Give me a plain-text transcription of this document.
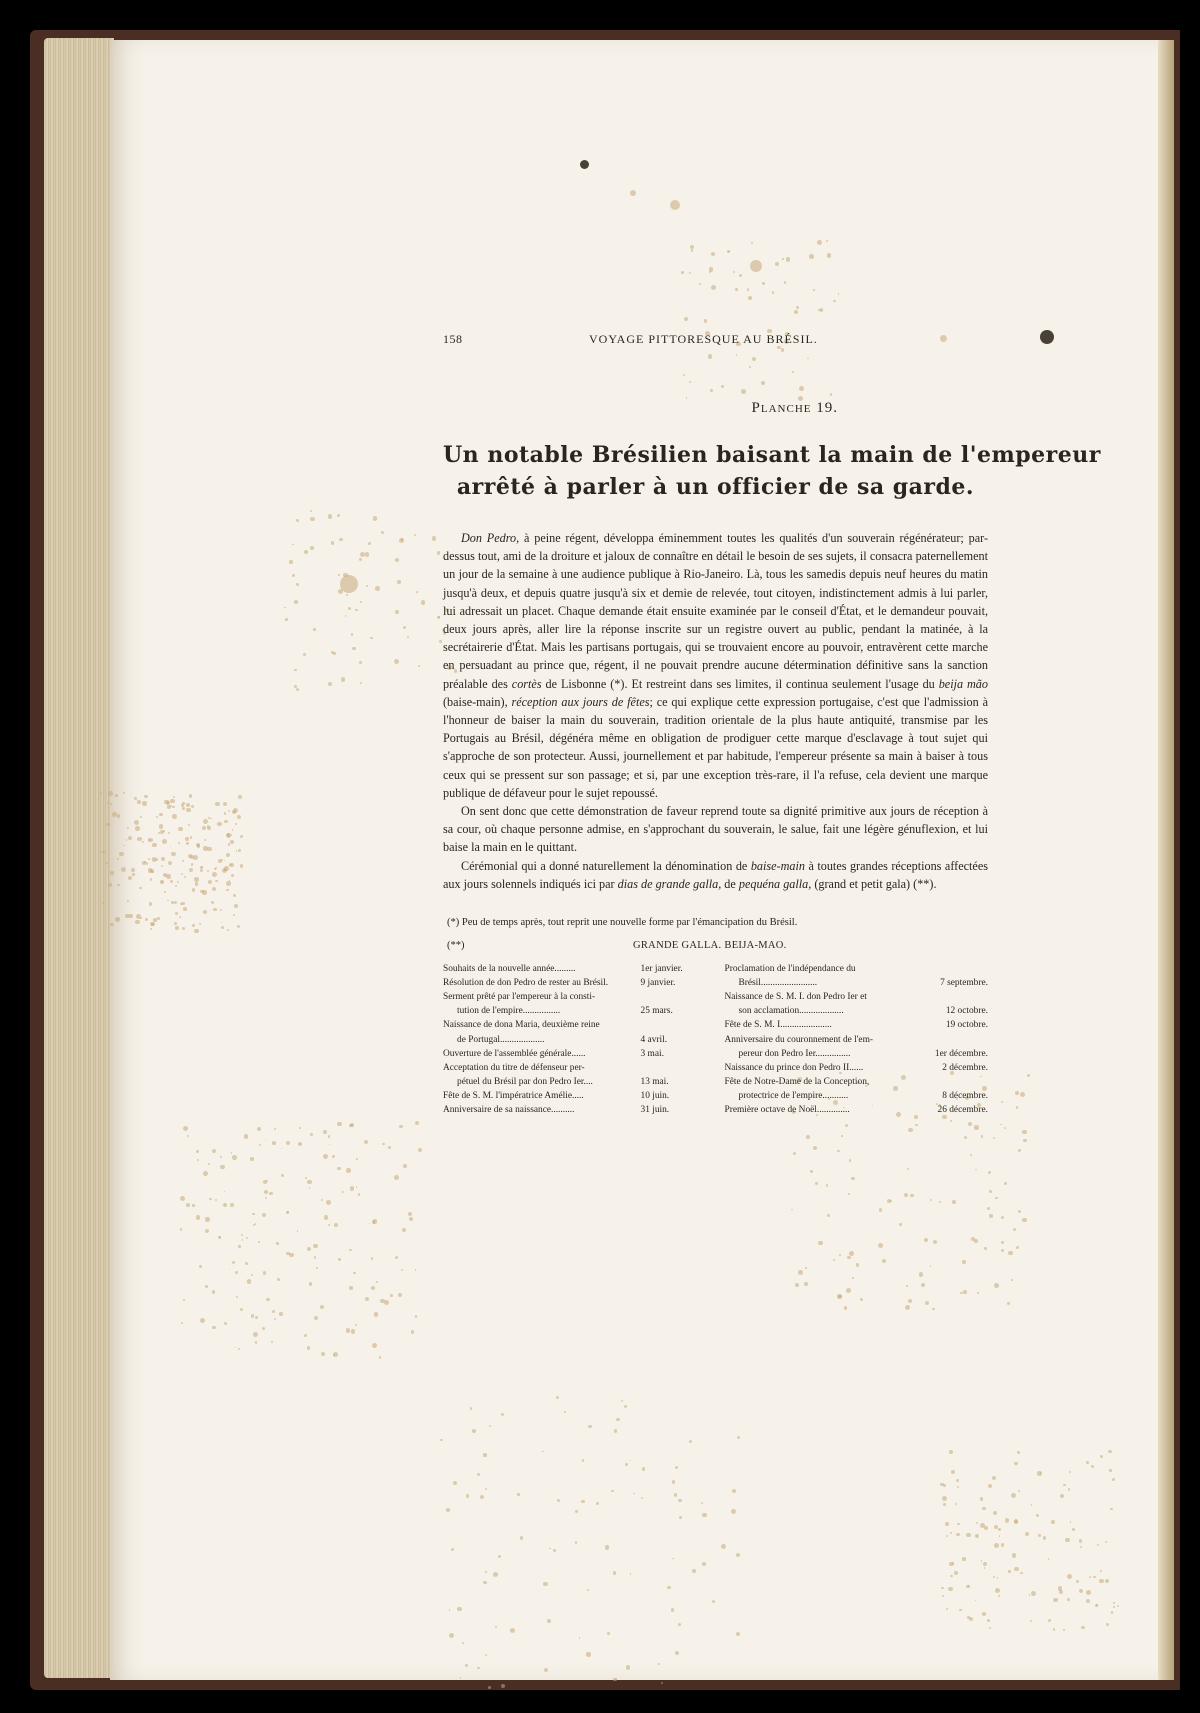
158	VOYAGE PITTORESQUE AU BRÉSIL.
Planche 19.
Un notable Brésilien baisant la main de l'empereur
arrêté à parler à un officier de sa garde.

Don Pedro, à peine régent, développa éminemment toutes les qualités d'un souverain régénérateur; par-dessus tout, ami de la droiture et jaloux de connaître en détail le besoin de ses sujets, il consacra paternellement un jour de la semaine à une audience publique à Rio-Janeiro. Là, tous les samedis depuis neuf heures du matin jusqu'à deux, et depuis quatre jusqu'à six et demie de relevée, tout citoyen, indistinctement admis à lui parler, lui adressait un placet. Chaque demande était ensuite examinée par le conseil d'État, et le demandeur pouvait, deux jours après, aller lire la réponse inscrite sur un registre ouvert au public, pendant la matinée, à la secrétairerie d'État. Mais les partisans portugais, qui se trouvaient encore au pouvoir, entravèrent cette marche en persuadant au prince que, régent, il ne pouvait prendre aucune détermination définitive sans la sanction préalable des cortès de Lisbonne (*). Et restreint dans ses limites, il continua seulement l'usage du beija mão (baise-main), réception aux jours de fêtes; ce qui explique cette expression portugaise, c'est que l'admission à l'honneur de baiser la main du souverain, tradition orientale de la plus haute antiquité, transmise par les Portugais au Brésil, dégénéra même en obligation de prodiguer cette marque d'esclavage à tout sujet qui s'approche de son protecteur. Aussi, journellement et par habitude, l'empereur présente sa main à baiser à tous ceux qui se pressent sur son passage; et si, par une exception très-rare, il l'a refuse, cela devient une marque publique de défaveur pour le sujet repoussé.

On sent donc que cette démonstration de faveur reprend toute sa dignité primitive aux jours de réception à sa cour, où chaque personne admise, en s'approchant du souverain, le salue, fait une légère génuflexion, et lui baise la main en le quittant.

Cérémonial qui a donné naturellement la dénomination de baise-main à toutes grandes réceptions affectées aux jours solennels indiqués ici par dias de grande galla, de pequéna galla, (grand et petit gala) (**).

(*) Peu de temps après, tout reprit une nouvelle forme par l'émancipation du Brésil.
(**)	GRANDE GALLA. BEIJA-MAO.
Souhaits de la nouvelle année.........	1er janvier.
Résolution de don Pedro de rester au Brésil.	9 janvier.
Serment prêté par l'empereur à la consti-
tution de l'empire................	25 mars.
Naissance de dona Maria, deuxième reine
de Portugal...................	4 avril.
Ouverture de l'assemblée générale......	3 mai.
Acceptation du titre de défenseur per-
pétuel du Brésil par don Pedro Ier....	13 mai.
Fête de S. M. l'impératrice Amélie.....	10 juin.
Anniversaire de sa naissance..........	31 juin.
Proclamation de l'indépendance du
Brésil........................	7 septembre.
Naissance de S. M. I. don Pedro Ier et
son acclamation...................	12 octobre.
Fête de S. M. I......................	19 octobre.
Anniversaire du couronnement de l'em-
pereur don Pedro Ier...............	1er décembre.
Naissance du prince don Pedro II......	2 décembre.
Fête de Notre-Dame de la Conception,
protectrice de l'empire...........	8 décembre.
Première octave de Noël..............	26 décembre.
